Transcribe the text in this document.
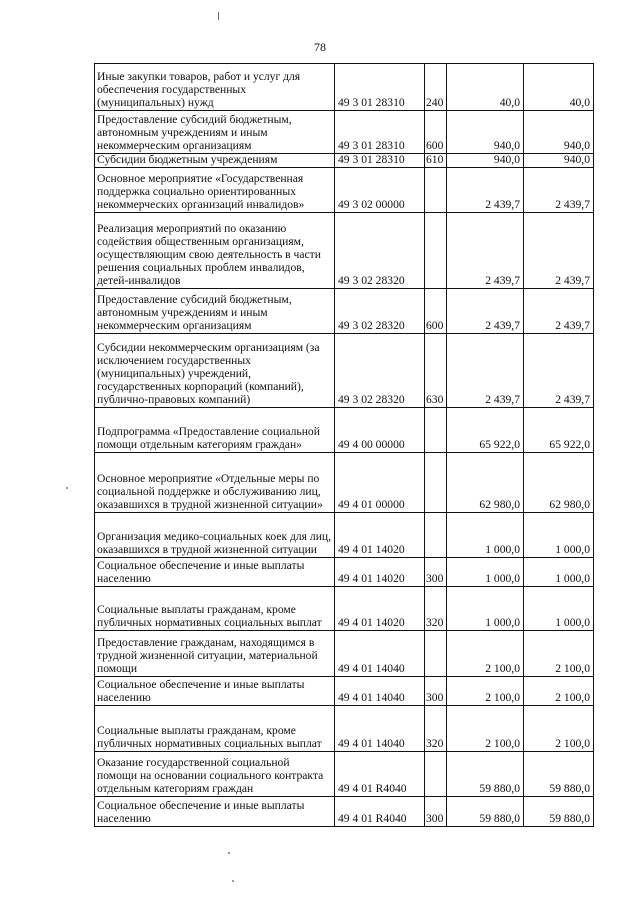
78
Иные закупки товаров, работ и услуг для обеспечения государственных (муниципальных) нужд	49 3 01 28310	240	40,0	40,0
Предоставление субсидий бюджетным, автономным учреждениям и иным некоммерческим организациям	49 3 01 28310	600	940,0	940,0
Субсидии бюджетным учреждениям	49 3 01 28310	610	940,0	940,0
Основное мероприятие «Государственная поддержка социально ориентированных некоммерческих организаций инвалидов»	49 3 02 00000		2 439,7	2 439,7
Реализация мероприятий по оказанию содействия общественным организациям, осуществляющим свою деятельность в части решения социальных проблем инвалидов, детей-инвалидов	49 3 02 28320		2 439,7	2 439,7
Предоставление субсидий бюджетным, автономным учреждениям и иным некоммерческим организациям	49 3 02 28320	600	2 439,7	2 439,7
Субсидии некоммерческим организациям (за исключением государственных (муниципальных) учреждений, государственных корпораций (компаний), публично-правовых компаний)	49 3 02 28320	630	2 439,7	2 439,7
Подпрограмма «Предоставление социальной помощи отдельным категориям граждан»	49 4 00 00000		65 922,0	65 922,0
Основное мероприятие «Отдельные меры по социальной поддержке и обслуживанию лиц, оказавшихся в трудной жизненной ситуации»	49 4 01 00000		62 980,0	62 980,0
Организация медико-социальных коек для лиц, оказавшихся в трудной жизненной ситуации	49 4 01 14020		1 000,0	1 000,0
Социальное обеспечение и иные выплаты населению	49 4 01 14020	300	1 000,0	1 000,0
Социальные выплаты гражданам, кроме публичных нормативных социальных выплат	49 4 01 14020	320	1 000,0	1 000,0
Предоставление гражданам, находящимся в трудной жизненной ситуации, материальной помощи	49 4 01 14040		2 100,0	2 100,0
Социальное обеспечение и иные выплаты населению	49 4 01 14040	300	2 100,0	2 100,0
Социальные выплаты гражданам, кроме публичных нормативных социальных выплат	49 4 01 14040	320	2 100,0	2 100,0
Оказание государственной социальной помощи на основании социального контракта отдельным категориям граждан	49 4 01 R4040		59 880,0	59 880,0
Социальное обеспечение и иные выплаты населению	49 4 01 R4040	300	59 880,0	59 880,0
